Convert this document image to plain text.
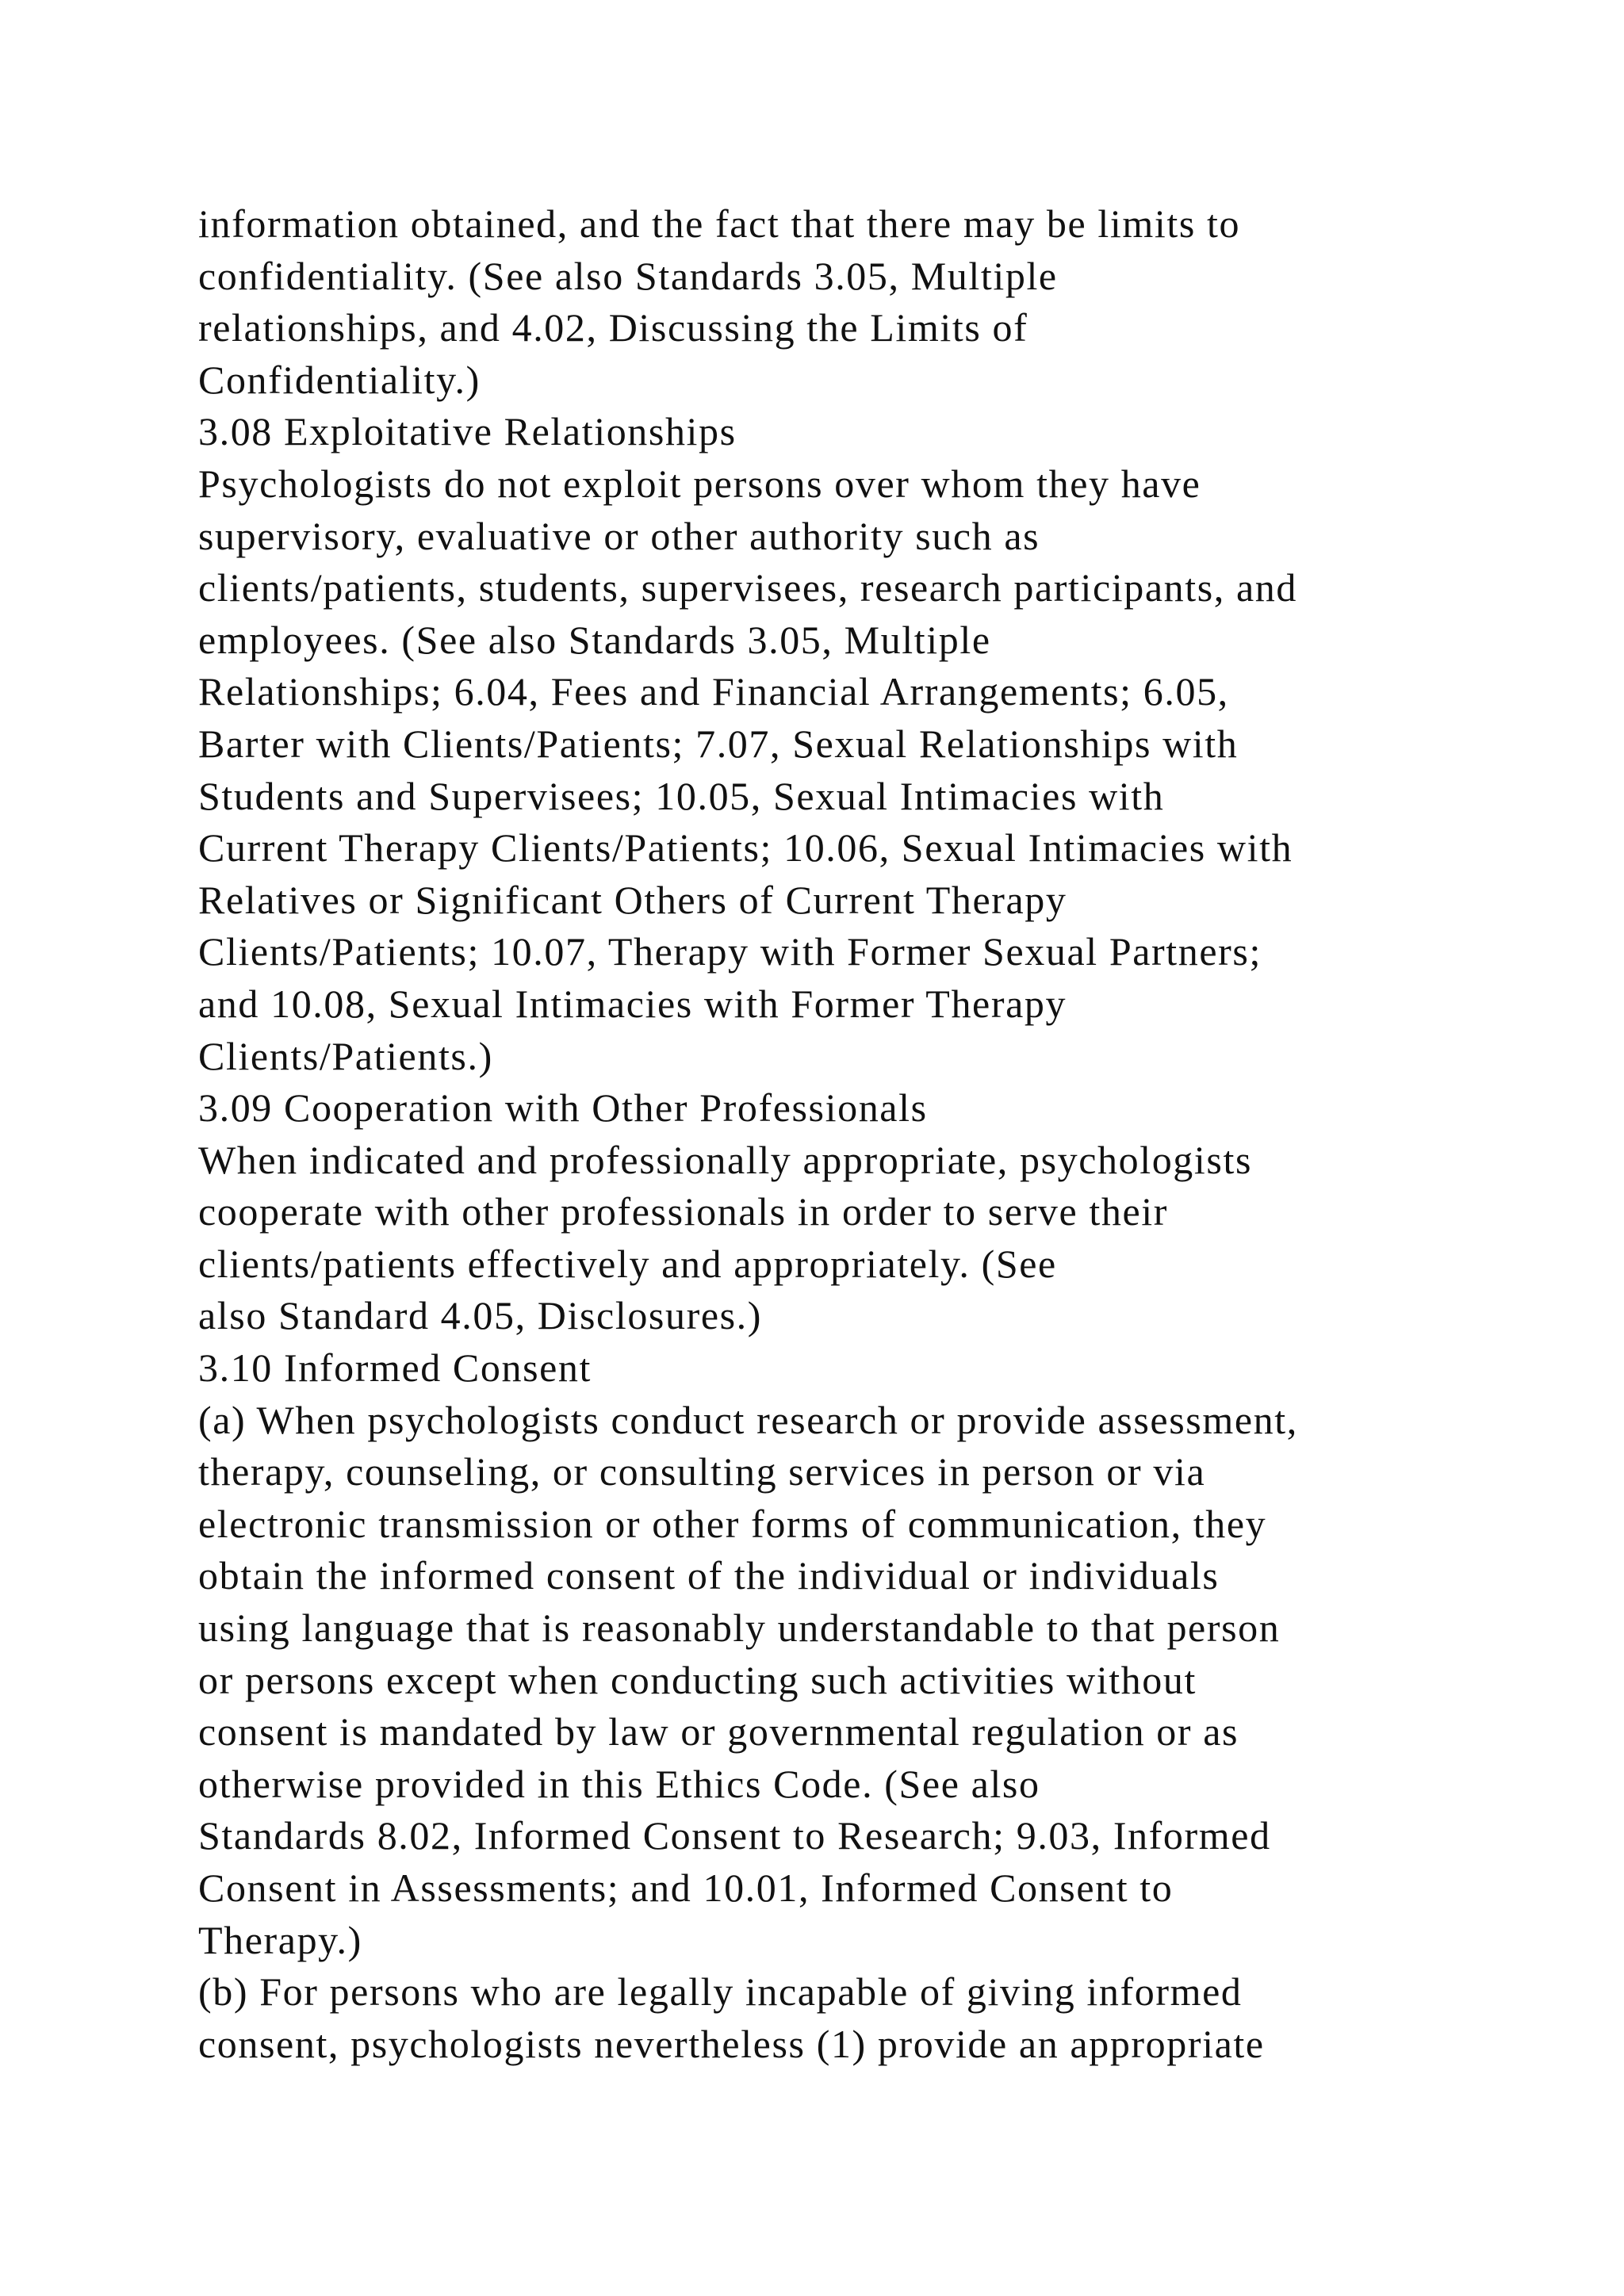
information obtained, and the fact that there may be limits to
confidentiality. (See also Standards 3.05, Multiple
relationships, and 4.02, Discussing the Limits of
Confidentiality.)
3.08 Exploitative Relationships
Psychologists do not exploit persons over whom they have
supervisory, evaluative or other authority such as
clients/patients, students, supervisees, research participants, and
employees. (See also Standards 3.05, Multiple
Relationships; 6.04, Fees and Financial Arrangements; 6.05,
Barter with Clients/Patients; 7.07, Sexual Relationships with
Students and Supervisees; 10.05, Sexual Intimacies with
Current Therapy Clients/Patients; 10.06, Sexual Intimacies with
Relatives or Significant Others of Current Therapy
Clients/Patients; 10.07, Therapy with Former Sexual Partners;
and 10.08, Sexual Intimacies with Former Therapy
Clients/Patients.)
3.09 Cooperation with Other Professionals
When indicated and professionally appropriate, psychologists
cooperate with other professionals in order to serve their
clients/patients effectively and appropriately. (See
also Standard 4.05, Disclosures.)
3.10 Informed Consent
(a) When psychologists conduct research or provide assessment,
therapy, counseling, or consulting services in person or via
electronic transmission or other forms of communication, they
obtain the informed consent of the individual or individuals
using language that is reasonably understandable to that person
or persons except when conducting such activities without
consent is mandated by law or governmental regulation or as
otherwise provided in this Ethics Code. (See also
Standards 8.02, Informed Consent to Research; 9.03, Informed
Consent in Assessments; and 10.01, Informed Consent to
Therapy.)
(b) For persons who are legally incapable of giving informed
consent, psychologists nevertheless (1) provide an appropriate
